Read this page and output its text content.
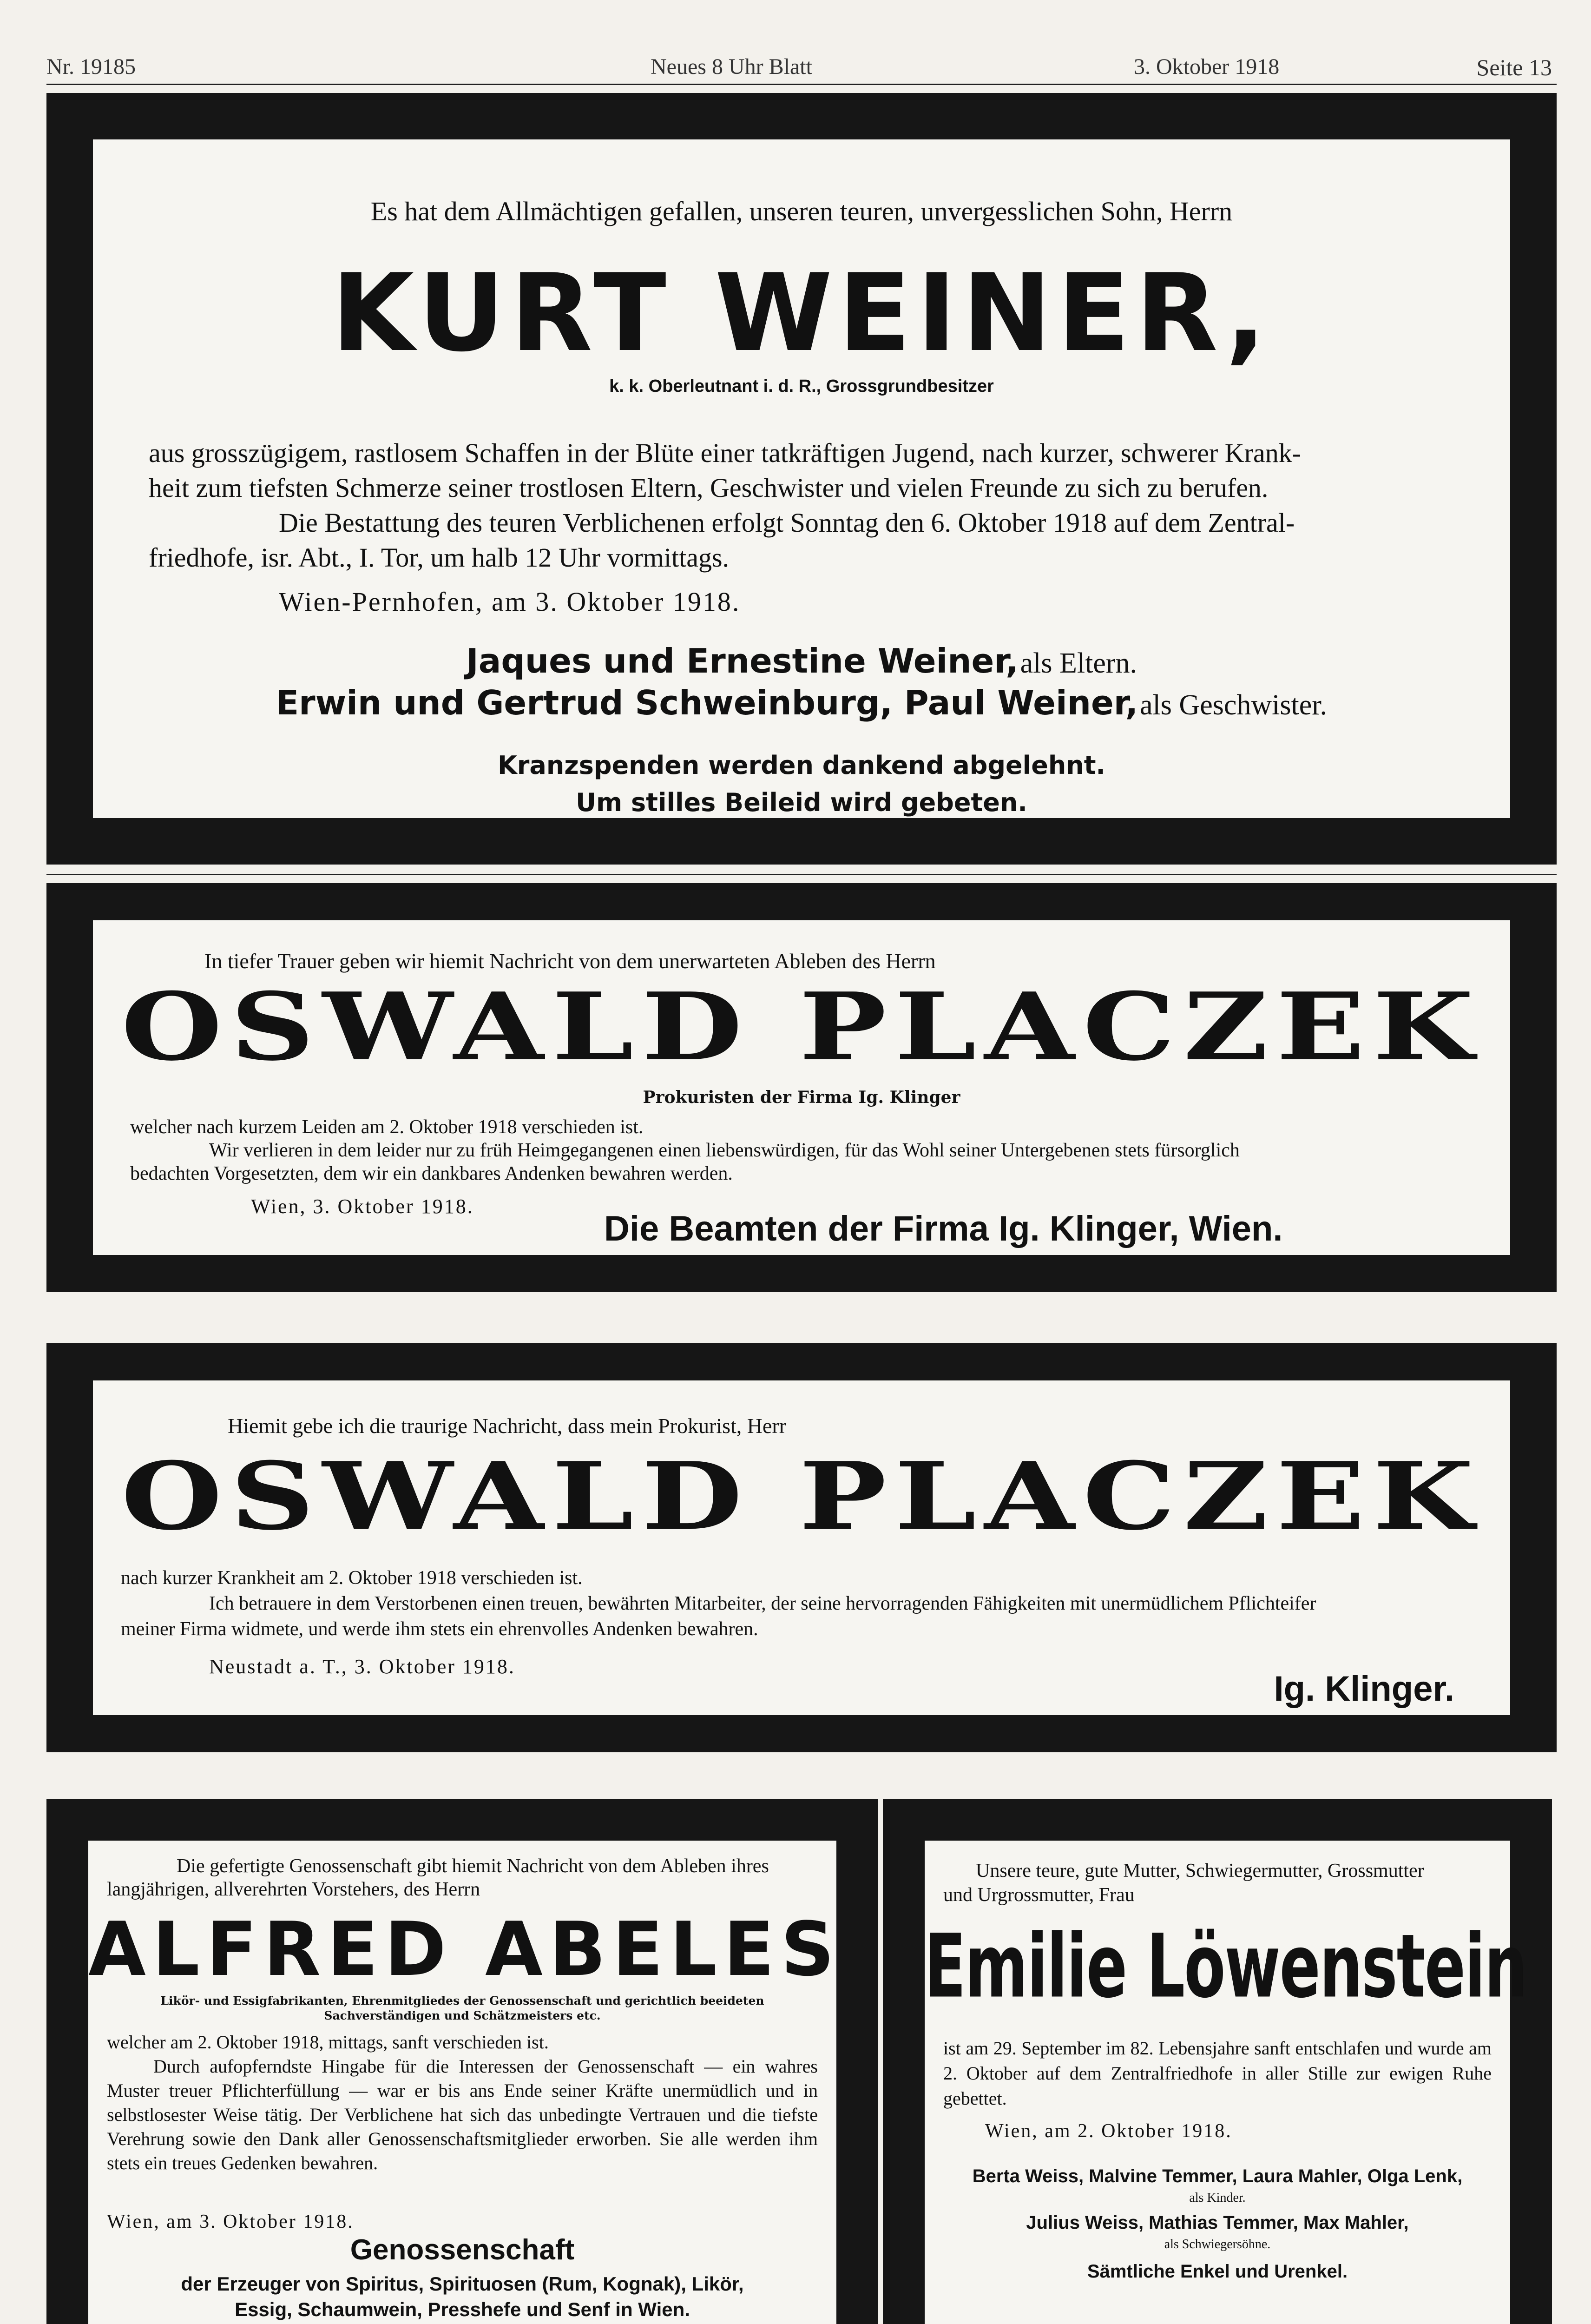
Nr. 19185	Neues 8 Uhr Blatt	3. Oktober 1918	Seite 13
Es hat dem Allmächtigen gefallen, unseren teuren, unvergesslichen Sohn, Herrn
KURT WEINER,
k. k. Oberleutnant i. d. R., Grossgrundbesitzer
aus grosszügigem, rastlosem Schaffen in der Blüte einer tatkräftigen Jugend, nach kurzer, schwerer Krank-
heit zum tiefsten Schmerze seiner trostlosen Eltern, Geschwister und vielen Freunde zu sich zu berufen.
Die Bestattung des teuren Verblichenen erfolgt Sonntag den 6. Oktober 1918 auf dem Zentral-
friedhofe, isr. Abt., I. Tor, um halb 12 Uhr vormittags.
Wien-Pernhofen, am 3. Oktober 1918.
Jaques und Ernestine Weiner, als Eltern.
Erwin und Gertrud Schweinburg, Paul Weiner, als Geschwister.
Kranzspenden werden dankend abgelehnt.
Um stilles Beileid wird gebeten.
In tiefer Trauer geben wir hiemit Nachricht von dem unerwarteten Ableben des Herrn
OSWALD PLACZEK
Prokuristen der Firma Ig. Klinger
welcher nach kurzem Leiden am 2. Oktober 1918 verschieden ist.
Wir verlieren in dem leider nur zu früh Heimgegangenen einen liebenswürdigen, für das Wohl seiner Untergebenen stets fürsorglich
bedachten Vorgesetzten, dem wir ein dankbares Andenken bewahren werden.
Wien, 3. Oktober 1918.
Die Beamten der Firma Ig. Klinger, Wien.
Hiemit gebe ich die traurige Nachricht, dass mein Prokurist, Herr
OSWALD PLACZEK
nach kurzer Krankheit am 2. Oktober 1918 verschieden ist.
Ich betrauere in dem Verstorbenen einen treuen, bewährten Mitarbeiter, der seine hervorragenden Fähigkeiten mit unermüdlichem Pflichteifer
meiner Firma widmete, und werde ihm stets ein ehrenvolles Andenken bewahren.
Neustadt a. T., 3. Oktober 1918.
Ig. Klinger.
Die gefertigte Genossenschaft gibt hiemit Nachricht von dem Ableben ihres
langjährigen, allverehrten Vorstehers, des Herrn
ALFRED ABELES
Likör- und Essigfabrikanten, Ehrenmitgliedes der Genossenschaft und gerichtlich beeideten
Sachverständigen und Schätzmeisters etc.
welcher am 2. Oktober 1918, mittags, sanft verschieden ist.
Durch aufopferndste Hingabe für die Interessen der Genossenschaft — ein wahres Muster treuer Pflichterfüllung — war er bis ans Ende seiner Kräfte unermüdlich und in selbstlosester Weise tätig. Der Verblichene hat sich das unbedingte Vertrauen und die tiefste Verehrung sowie den Dank aller Genossenschaftsmitglieder erworben. Sie alle werden ihm stets ein treues Gedenken bewahren.
Wien, am 3. Oktober 1918.
Genossenschaft
der Erzeuger von Spiritus, Spirituosen (Rum, Kognak), Likör,
Essig, Schaumwein, Presshefe und Senf in Wien.
Unsere teure, gute Mutter, Schwiegermutter, Grossmutter
und Urgrossmutter, Frau
Emilie Löwenstein
ist am 29. September im 82. Lebensjahre sanft entschlafen und wurde am 2. Oktober auf dem Zentralfriedhofe in aller Stille zur ewigen Ruhe gebettet.
Wien, am 2. Oktober 1918.
Berta Weiss, Malvine Temmer, Laura Mahler, Olga Lenk,
als Kinder.
Julius Weiss, Mathias Temmer, Max Mahler,
als Schwiegersöhne.
Sämtliche Enkel und Urenkel.
